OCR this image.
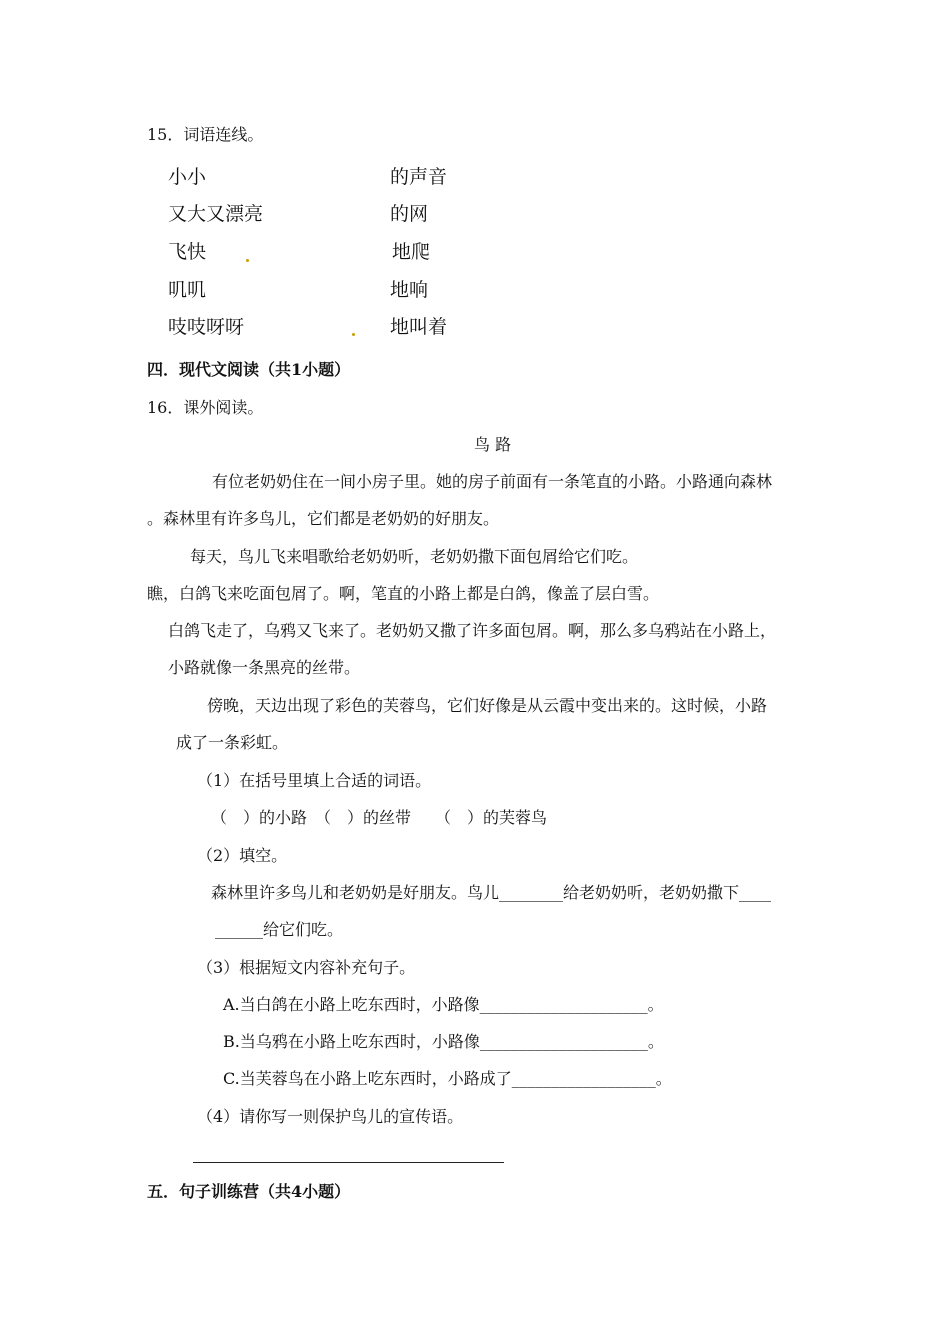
15．词语连线。
小小
又大又漂亮
飞快
叽叽
吱吱呀呀
的声音
的网
地爬
地响
地叫着
四．现代文阅读（共1小题）
16．课外阅读。
鸟 路
有位老奶奶住在一间小房子里。她的房子前面有一条笔直的小路。小路通向森林
。森林里有许多鸟儿，它们都是老奶奶的好朋友。
每天，鸟儿飞来唱歌给老奶奶听，老奶奶撒下面包屑给它们吃。
瞧，白鸽飞来吃面包屑了。啊，笔直的小路上都是白鸽，像盖了层白雪。
白鸽飞走了，乌鸦又飞来了。老奶奶又撒了许多面包屑。啊，那么多乌鸦站在小路上，
小路就像一条黑亮的丝带。
傍晚，天边出现了彩色的芙蓉鸟，它们好像是从云霞中变出来的。这时候，小路
成了一条彩虹。
（1）在括号里填上合适的词语。
（　）的小路　（　）的丝带　　（　）的芙蓉鸟
（2）填空。
森林里许多鸟儿和老奶奶是好朋友。鸟儿________给老奶奶听，老奶奶撒下____
______给它们吃。
（3）根据短文内容补充句子。
A.当白鸽在小路上吃东西时，小路像_____________________。
B.当乌鸦在小路上吃东西时，小路像_____________________。
C.当芙蓉鸟在小路上吃东西时，小路成了__________________。
（4）请你写一则保护鸟儿的宣传语。
五．句子训练营（共4小题）
